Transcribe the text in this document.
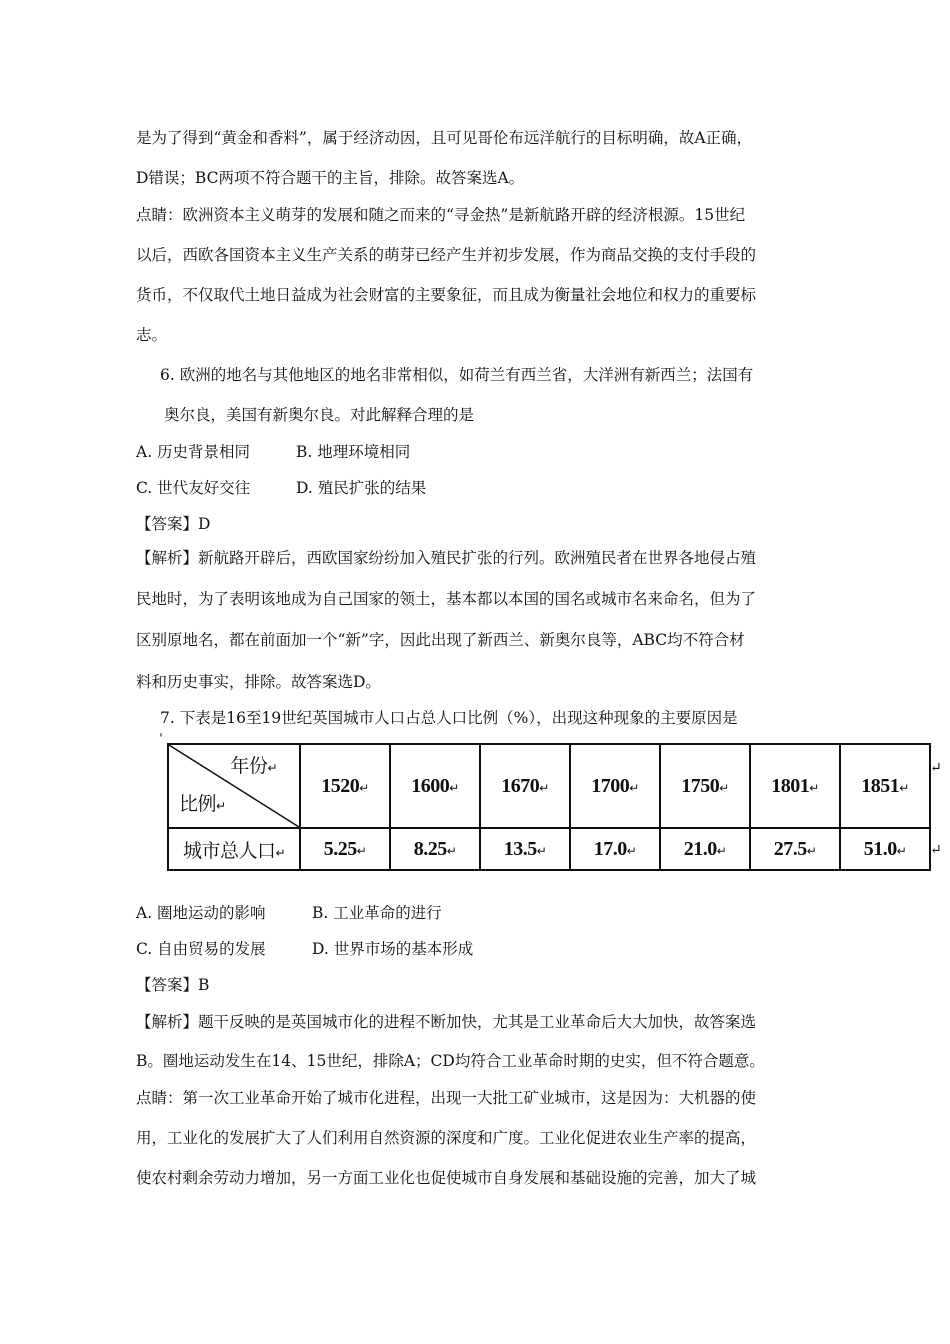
是为了得到“黄金和香料”，属于经济动因，且可见哥伦布远洋航行的目标明确，故A正确，
D错误；BC两项不符合题干的主旨，排除。故答案选A。
点睛：欧洲资本主义萌芽的发展和随之而来的“寻金热”是新航路开辟的经济根源。15世纪
以后，西欧各国资本主义生产关系的萌芽已经产生并初步发展，作为商品交换的支付手段的
货币，不仅取代土地日益成为社会财富的主要象征，而且成为衡量社会地位和权力的重要标
志。
6. 欧洲的地名与其他地区的地名非常相似，如荷兰有西兰省，大洋洲有新西兰；法国有
奥尔良，美国有新奥尔良。对此解释合理的是
A. 历史背景相同	B. 地理环境相同
C. 世代友好交往	D. 殖民扩张的结果
【答案】D
【解析】新航路开辟后，西欧国家纷纷加入殖民扩张的行列。欧洲殖民者在世界各地侵占殖
民地时，为了表明该地成为自己国家的领土，基本都以本国的国名或城市名来命名，但为了
区别原地名，都在前面加一个“新”字，因此出现了新西兰、新奥尔良等，ABC均不符合材
料和历史事实，排除。故答案选D。
7. 下表是16至19世纪英国城市人口占总人口比例（%），出现这种现象的主要原因是
ˈ
年份↵
比例↵	1520↵	1600↵	1670↵	1700↵	1750↵	1801↵	1851↵
城市总人口↵	5.25↵	8.25↵	13.5↵	17.0↵	21.0↵	27.5↵	51.0↵
↵
↵
A. 圈地运动的影响	B. 工业革命的进行
C. 自由贸易的发展	D. 世界市场的基本形成
【答案】B
【解析】题干反映的是英国城市化的进程不断加快，尤其是工业革命后大大加快，故答案选
B。圈地运动发生在14、15世纪，排除A；CD均符合工业革命时期的史实，但不符合题意。
点睛：第一次工业革命开始了城市化进程，出现一大批工矿业城市，这是因为：大机器的使
用，工业化的发展扩大了人们利用自然资源的深度和广度。工业化促进农业生产率的提高，
使农村剩余劳动力增加，另一方面工业化也促使城市自身发展和基础设施的完善，加大了城
